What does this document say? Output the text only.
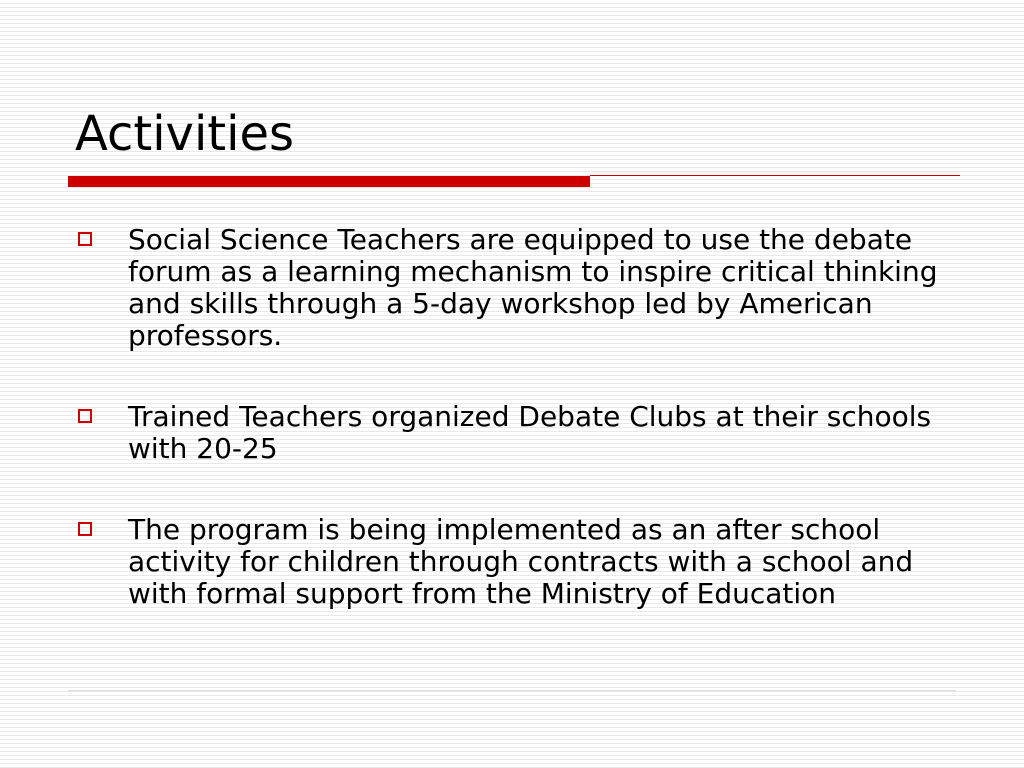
Activities
Social Science Teachers are equipped to use the debate forum as a learning mechanism to inspire critical thinking and skills through a 5-day workshop led by American professors.
Trained Teachers organized Debate Clubs at their schools with 20-25
The program is being implemented as an after school activity for children through contracts with a school and with formal support from the Ministry of Education
